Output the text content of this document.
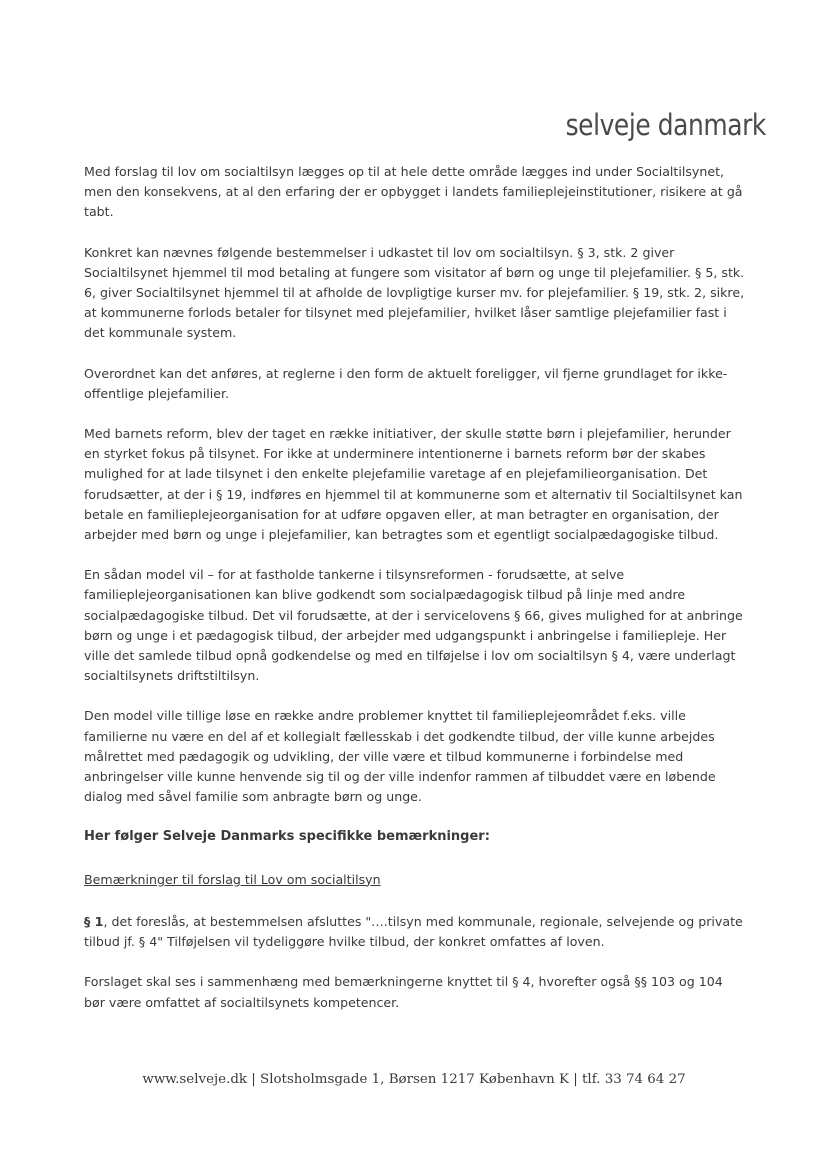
selveje danmark

Med forslag til lov om socialtilsyn lægges op til at hele dette område lægges ind under Socialtilsynet, men den konsekvens, at al den erfaring der er opbygget i landets familieplejeinstitutioner, risikere at gå tabt.

Konkret kan nævnes følgende bestemmelser i udkastet til lov om socialtilsyn. § 3, stk. 2 giver Socialtilsynet hjemmel til mod betaling at fungere som visitator af børn og unge til plejefamilier. § 5, stk. 6, giver Socialtilsynet hjemmel til at afholde de lovpligtige kurser mv. for plejefamilier. § 19, stk. 2, sikre, at kommunerne forlods betaler for tilsynet med plejefamilier, hvilket låser samtlige plejefamilier fast i det kommunale system.

Overordnet kan det anføres, at reglerne i den form de aktuelt foreligger, vil fjerne grundlaget for ikke-offentlige plejefamilier.

Med barnets reform, blev der taget en række initiativer, der skulle støtte børn i plejefamilier, herunder en styrket fokus på tilsynet. For ikke at underminere intentionerne i barnets reform bør der skabes mulighed for at lade tilsynet i den enkelte plejefamilie varetage af en plejefamilieorganisation. Det forudsætter, at der i § 19, indføres en hjemmel til at kommunerne som et alternativ til Socialtilsynet kan betale en familieplejeorganisation for at udføre opgaven eller, at man betragter en organisation, der arbejder med børn og unge i plejefamilier, kan betragtes som et egentligt socialpædagogiske tilbud.

En sådan model vil – for at fastholde tankerne i tilsynsreformen - forudsætte, at selve familieplejeorganisationen kan blive godkendt som socialpædagogisk tilbud på linje med andre socialpædagogiske tilbud. Det vil forudsætte, at der i servicelovens § 66, gives mulighed for at anbringe børn og unge i et pædagogisk tilbud, der arbejder med udgangspunkt i anbringelse i familiepleje. Her ville det samlede tilbud opnå godkendelse og med en tilføjelse i lov om socialtilsyn § 4, være underlagt socialtilsynets driftstiltilsyn.

Den model ville tillige løse en række andre problemer knyttet til familieplejeområdet f.eks. ville familierne nu være en del af et kollegialt fællesskab i det godkendte tilbud, der ville kunne arbejdes målrettet med pædagogik og udvikling, der ville være et tilbud kommunerne i forbindelse med anbringelser ville kunne henvende sig til og der ville indenfor rammen af tilbuddet være en løbende dialog med såvel familie som anbragte børn og unge.

Her følger Selveje Danmarks specifikke bemærkninger:

Bemærkninger til forslag til Lov om socialtilsyn

§ 1, det foreslås, at bestemmelsen afsluttes "….tilsyn med kommunale, regionale, selvejende og private tilbud jf. § 4" Tilføjelsen vil tydeliggøre hvilke tilbud, der konkret omfattes af loven.

Forslaget skal ses i sammenhæng med bemærkningerne knyttet til § 4, hvorefter også §§ 103 og 104 bør være omfattet af socialtilsynets kompetencer.

www.selveje.dk | Slotsholmsgade 1, Børsen 1217 København K | tlf. 33 74 64 27
